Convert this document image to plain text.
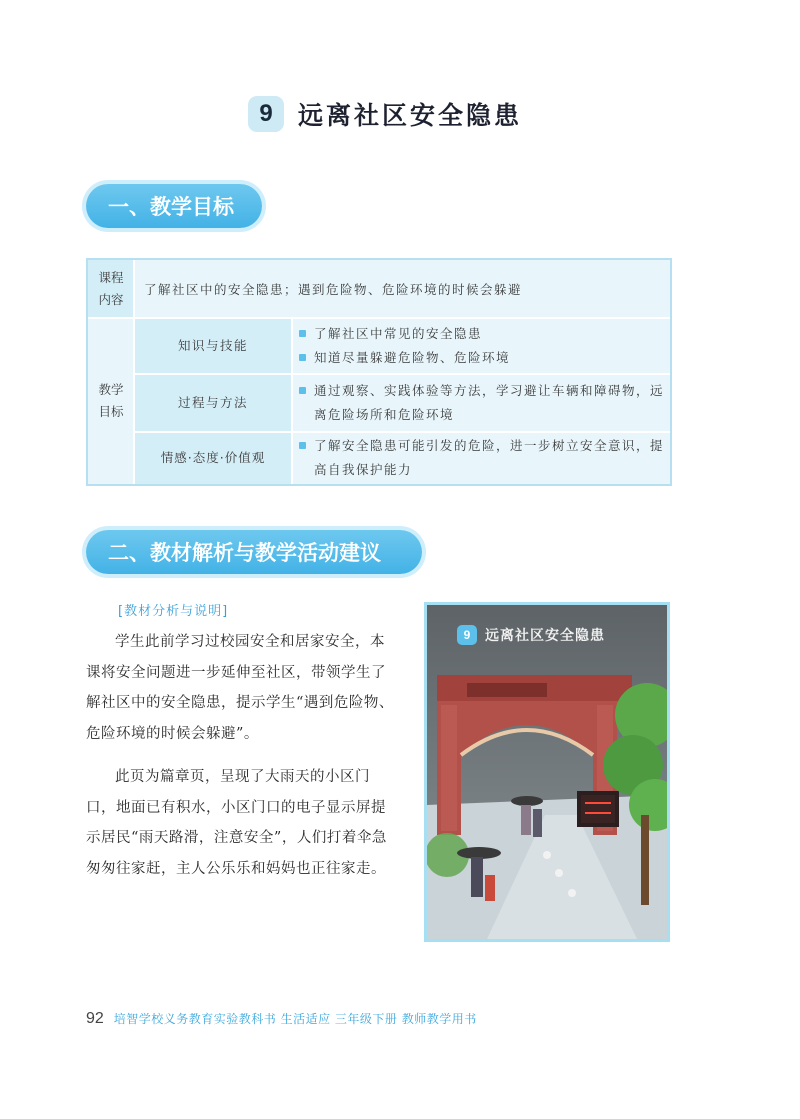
9	远离社区安全隐患
一、教学目标
课程
内容
了解社区中的安全隐患；遇到危险物、危险环境的时候会躲避
教学
目标
知识与技能
了解社区中常见的安全隐患
知道尽量躲避危险物、危险环境
过程与方法
通过观察、实践体验等方法，学习避让车辆和障碍物，远离危险场所和危险环境
情感·态度·价值观
了解安全隐患可能引发的危险，进一步树立安全意识，提高自我保护能力
二、教材解析与教学活动建议
[教材分析与说明]
学生此前学习过校园安全和居家安全，本课将安全问题进一步延伸至社区，带领学生了解社区中的安全隐患，提示学生“遇到危险物、危险环境的时候会躲避”。
此页为篇章页，呈现了大雨天的小区门口，地面已有积水，小区门口的电子显示屏提示居民“雨天路滑，注意安全”，人们打着伞急匆匆往家赶，主人公乐乐和妈妈也正往家走。
9	远离社区安全隐患
92 培智学校义务教育实验教科书 生活适应 三年级下册 教师教学用书
